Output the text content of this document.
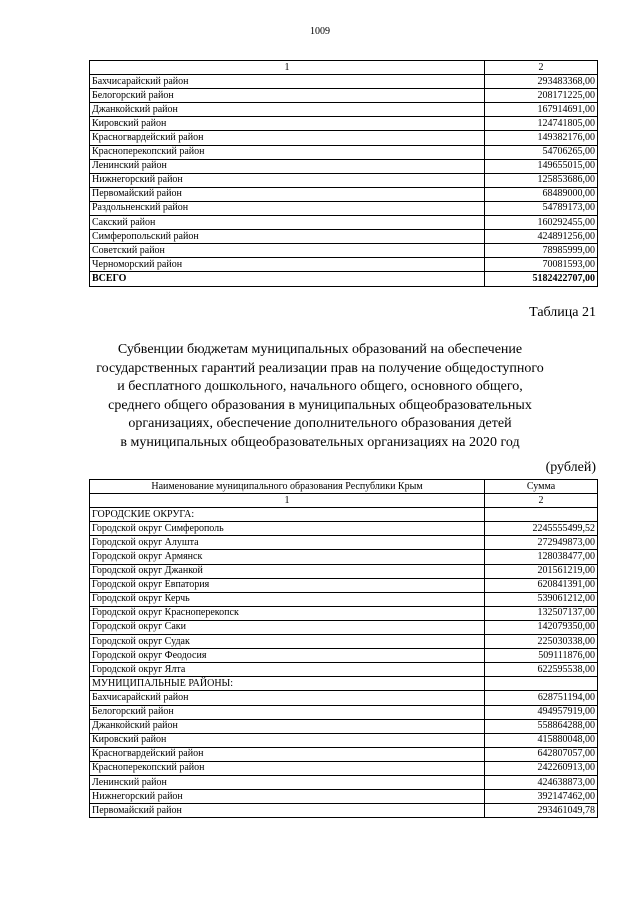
1009
1	2
Бахчисарайский район	293483368,00
Белогорский район	208171225,00
Джанкойский район	167914691,00
Кировский район	124741805,00
Красногвардейский район	149382176,00
Красноперекопский район	54706265,00
Ленинский район	149655015,00
Нижнегорский район	125853686,00
Первомайский район	68489000,00
Раздольненский район	54789173,00
Сакский район	160292455,00
Симферопольский район	424891256,00
Советский район	78985999,00
Черноморский район	70081593,00
ВСЕГО	5182422707,00
Таблица 21
Субвенции бюджетам муниципальных образований на обеспечение
государственных гарантий реализации прав на получение общедоступного
и бесплатного дошкольного, начального общего, основного общего,
среднего общего образования в муниципальных общеобразовательных
организациях, обеспечение дополнительного образования детей
в муниципальных общеобразовательных организациях на 2020 год
(рублей)
Наименование муниципального образования Республики Крым	Сумма
1	2
ГОРОДСКИЕ ОКРУГА:	
Городской округ Симферополь	2245555499,52
Городской округ Алушта	272949873,00
Городской округ Армянск	128038477,00
Городской округ Джанкой	201561219,00
Городской округ Евпатория	620841391,00
Городской округ Керчь	539061212,00
Городской округ Красноперекопск	132507137,00
Городской округ Саки	142079350,00
Городской округ Судак	225030338,00
Городской округ Феодосия	509111876,00
Городской округ Ялта	622595538,00
МУНИЦИПАЛЬНЫЕ РАЙОНЫ:	
Бахчисарайский район	628751194,00
Белогорский район	494957919,00
Джанкойский район	558864288,00
Кировский район	415880048,00
Красногвардейский район	642807057,00
Красноперекопский район	242260913,00
Ленинский район	424638873,00
Нижнегорский район	392147462,00
Первомайский район	293461049,78
